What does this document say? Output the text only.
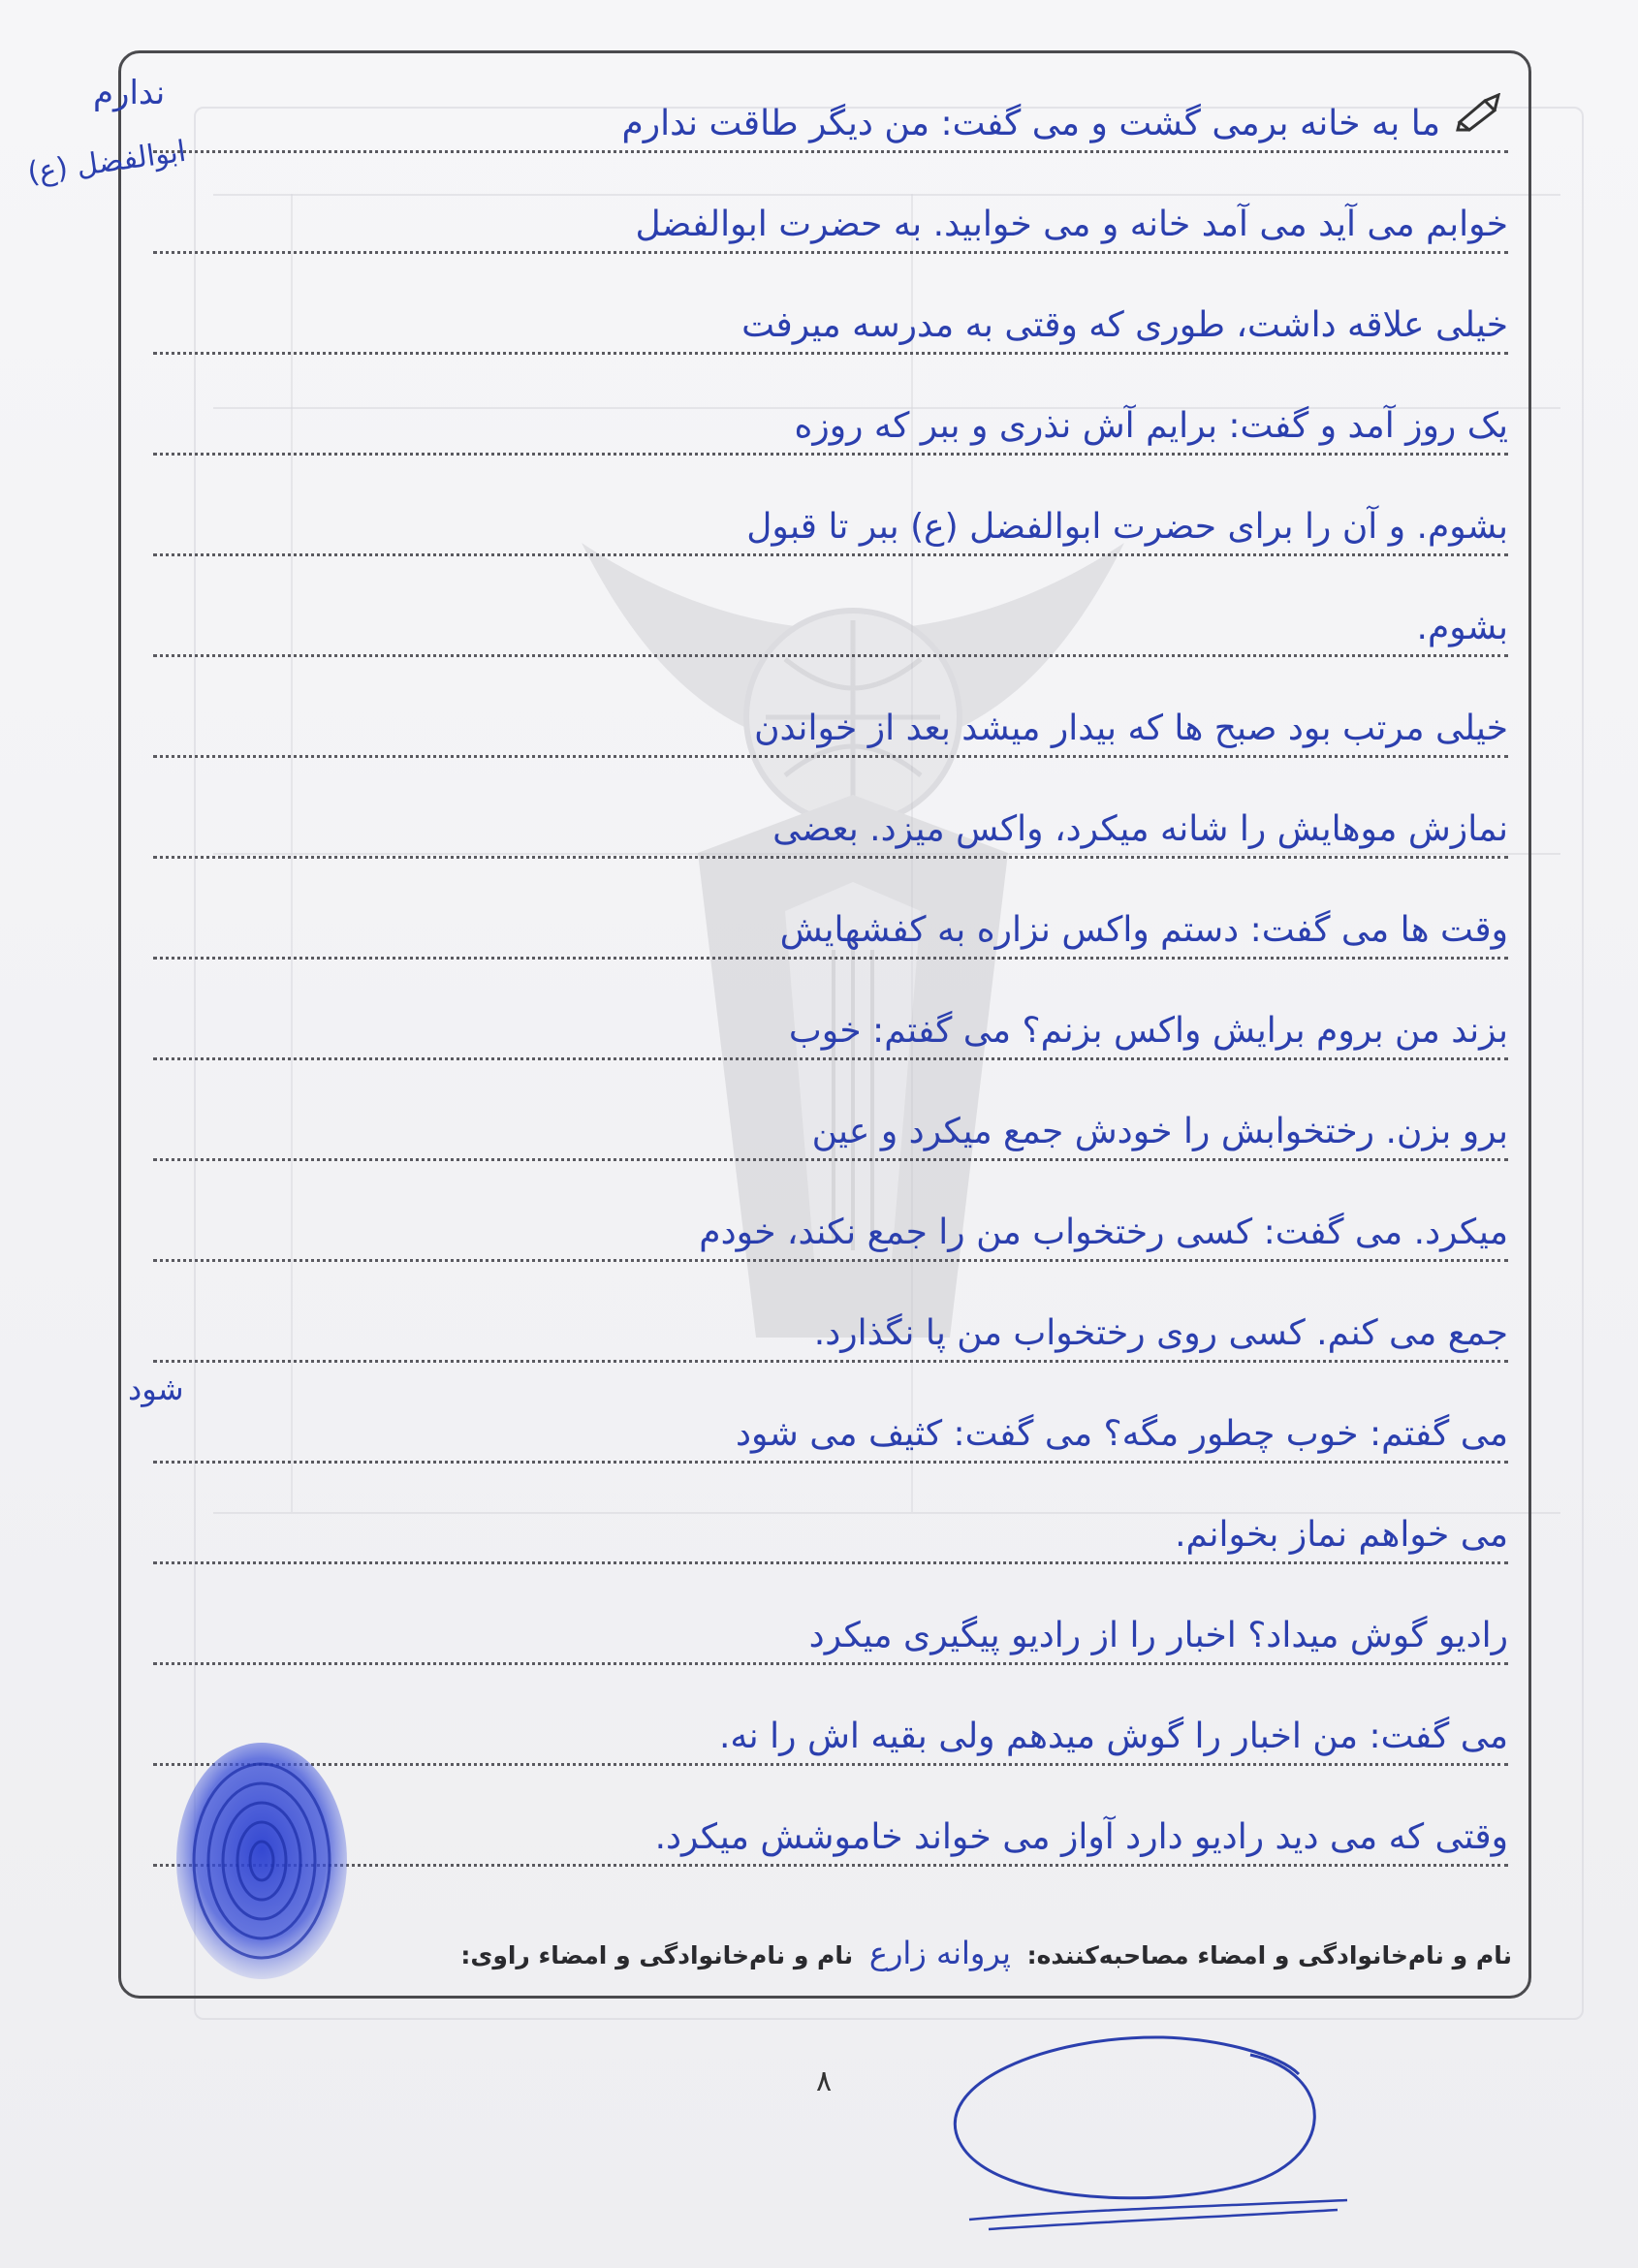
ما به خانه برمی گشت و می گفت: من دیگر طاقت ندارم
خوابم می آید می آمد خانه و می خوابید. به حضرت ابوالفضل
خیلی علاقه داشت، طوری که وقتی به مدرسه میرفت
یک روز آمد و گفت: برایم آش نذری و ببر که روزه
بشوم. و آن را برای حضرت ابوالفضل (ع) ببر تا قبول
بشوم.
خیلی مرتب بود صبح ها که بیدار میشد بعد از خواندن
نمازش موهایش را شانه میکرد، واکس میزد. بعضی
وقت ها می گفت: دستم واکس نزاره به کفشهایش
بزند من بروم برایش واکس بزنم؟ می گفتم: خوب
برو بزن. رختخوابش را خودش جمع میکرد و عین
میکرد. می گفت: کسی رختخواب من را جمع نکند، خودم
جمع می کنم. کسی روی رختخواب من پا نگذارد.
می گفتم: خوب چطور مگه؟ می گفت: کثیف می شود
می خواهم نماز بخوانم.
رادیو گوش میداد؟ اخبار را از رادیو پیگیری میکرد
می گفت: من اخبار را گوش میدهم ولی بقیه اش را نه.
وقتی که می دید رادیو دارد آواز می خواند خاموشش میکرد.
ندارم
ابوالفضل (ع)
شود
نام و نام‌خانوادگی و امضاء مصاحبه‌کننده: پروانه زارع نام و نام‌خانوادگی و امضاء راوی:
۸
